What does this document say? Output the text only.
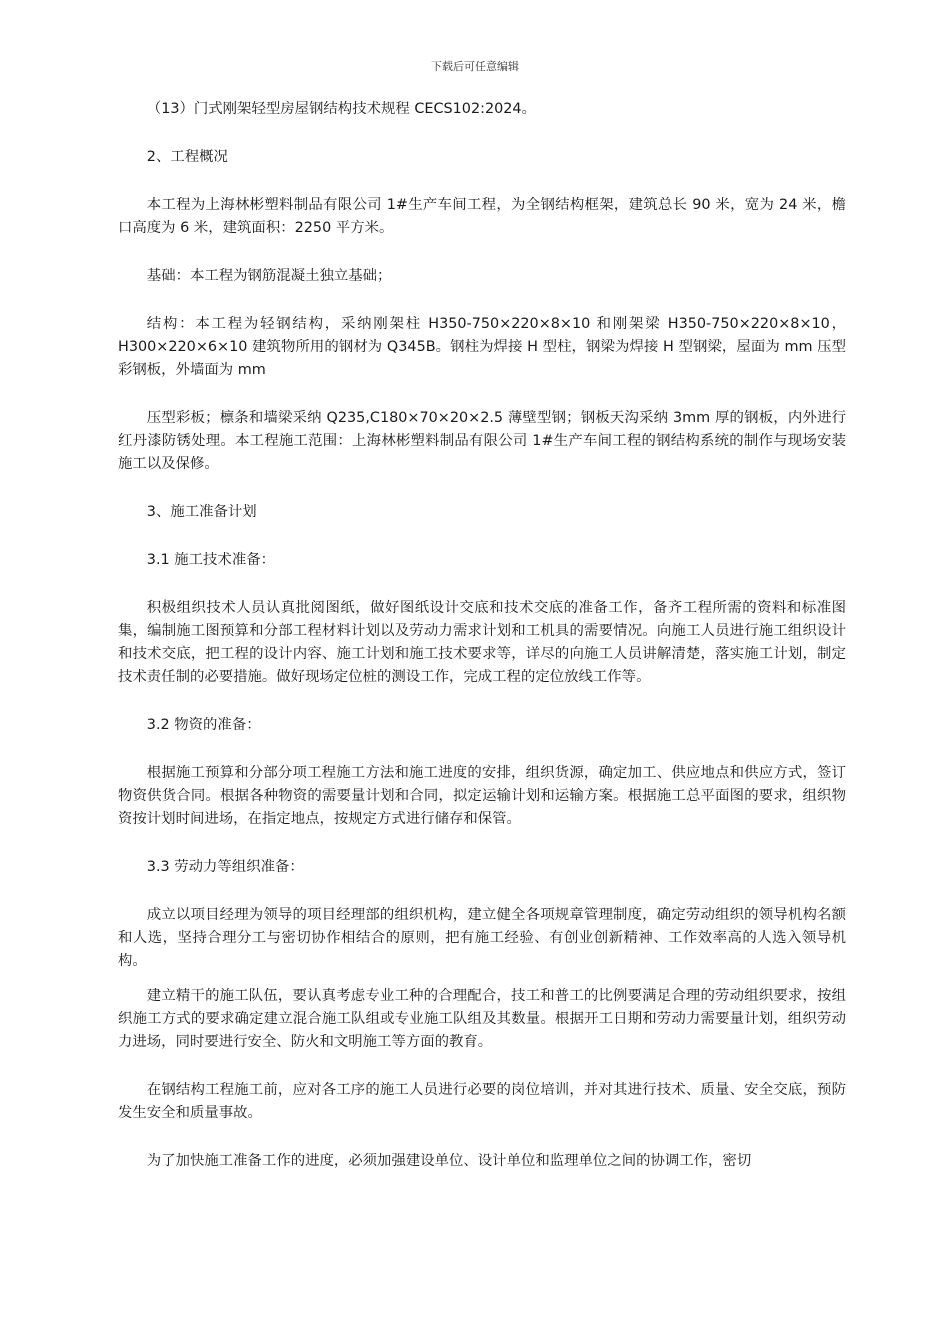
下载后可任意编辑

（13）门式刚架轻型房屋钢结构技术规程 CECS102:2024。

2、工程概况

本工程为上海林彬塑料制品有限公司 1#生产车间工程，为全钢结构框架，建筑总长 90 米，宽为 24 米，檐口高度为 6 米，建筑面积：2250 平方米。

基础：本工程为钢筋混凝土独立基础；

结构：本工程为轻钢结构，采纳刚架柱 H350-750×220×8×10 和刚架梁 H350-750×220×8×10，H300×220×6×10 建筑物所用的钢材为 Q345B。钢柱为焊接 H 型柱，钢梁为焊接 H 型钢梁，屋面为 mm 压型彩钢板，外墙面为 mm

压型彩板；檩条和墙梁采纳 Q235,C180×70×20×2.5 薄壁型钢；钢板天沟采纳 3mm 厚的钢板，内外进行红丹漆防锈处理。本工程施工范围：上海林彬塑料制品有限公司 1#生产车间工程的钢结构系统的制作与现场安装施工以及保修。

3、施工准备计划

3.1 施工技术准备：

积极组织技术人员认真批阅图纸，做好图纸设计交底和技术交底的准备工作，备齐工程所需的资料和标准图集，编制施工图预算和分部工程材料计划以及劳动力需求计划和工机具的需要情况。向施工人员进行施工组织设计和技术交底，把工程的设计内容、施工计划和施工技术要求等，详尽的向施工人员讲解清楚，落实施工计划，制定技术责任制的必要措施。做好现场定位桩的测设工作，完成工程的定位放线工作等。

3.2 物资的准备：

根据施工预算和分部分项工程施工方法和施工进度的安排，组织货源，确定加工、供应地点和供应方式，签订物资供货合同。根据各种物资的需要量计划和合同，拟定运输计划和运输方案。根据施工总平面图的要求，组织物资按计划时间进场，在指定地点，按规定方式进行储存和保管。

3.3 劳动力等组织准备：

成立以项目经理为领导的项目经理部的组织机构，建立健全各项规章管理制度，确定劳动组织的领导机构名额和人选，坚持合理分工与密切协作相结合的原则，把有施工经验、有创业创新精神、工作效率高的人选入领导机构。

建立精干的施工队伍，要认真考虑专业工种的合理配合，技工和普工的比例要满足合理的劳动组织要求，按组织施工方式的要求确定建立混合施工队组或专业施工队组及其数量。根据开工日期和劳动力需要量计划，组织劳动力进场，同时要进行安全、防火和文明施工等方面的教育。

在钢结构工程施工前，应对各工序的施工人员进行必要的岗位培训，并对其进行技术、质量、安全交底，预防发生安全和质量事故。

为了加快施工准备工作的进度，必须加强建设单位、设计单位和监理单位之间的协调工作，密切
